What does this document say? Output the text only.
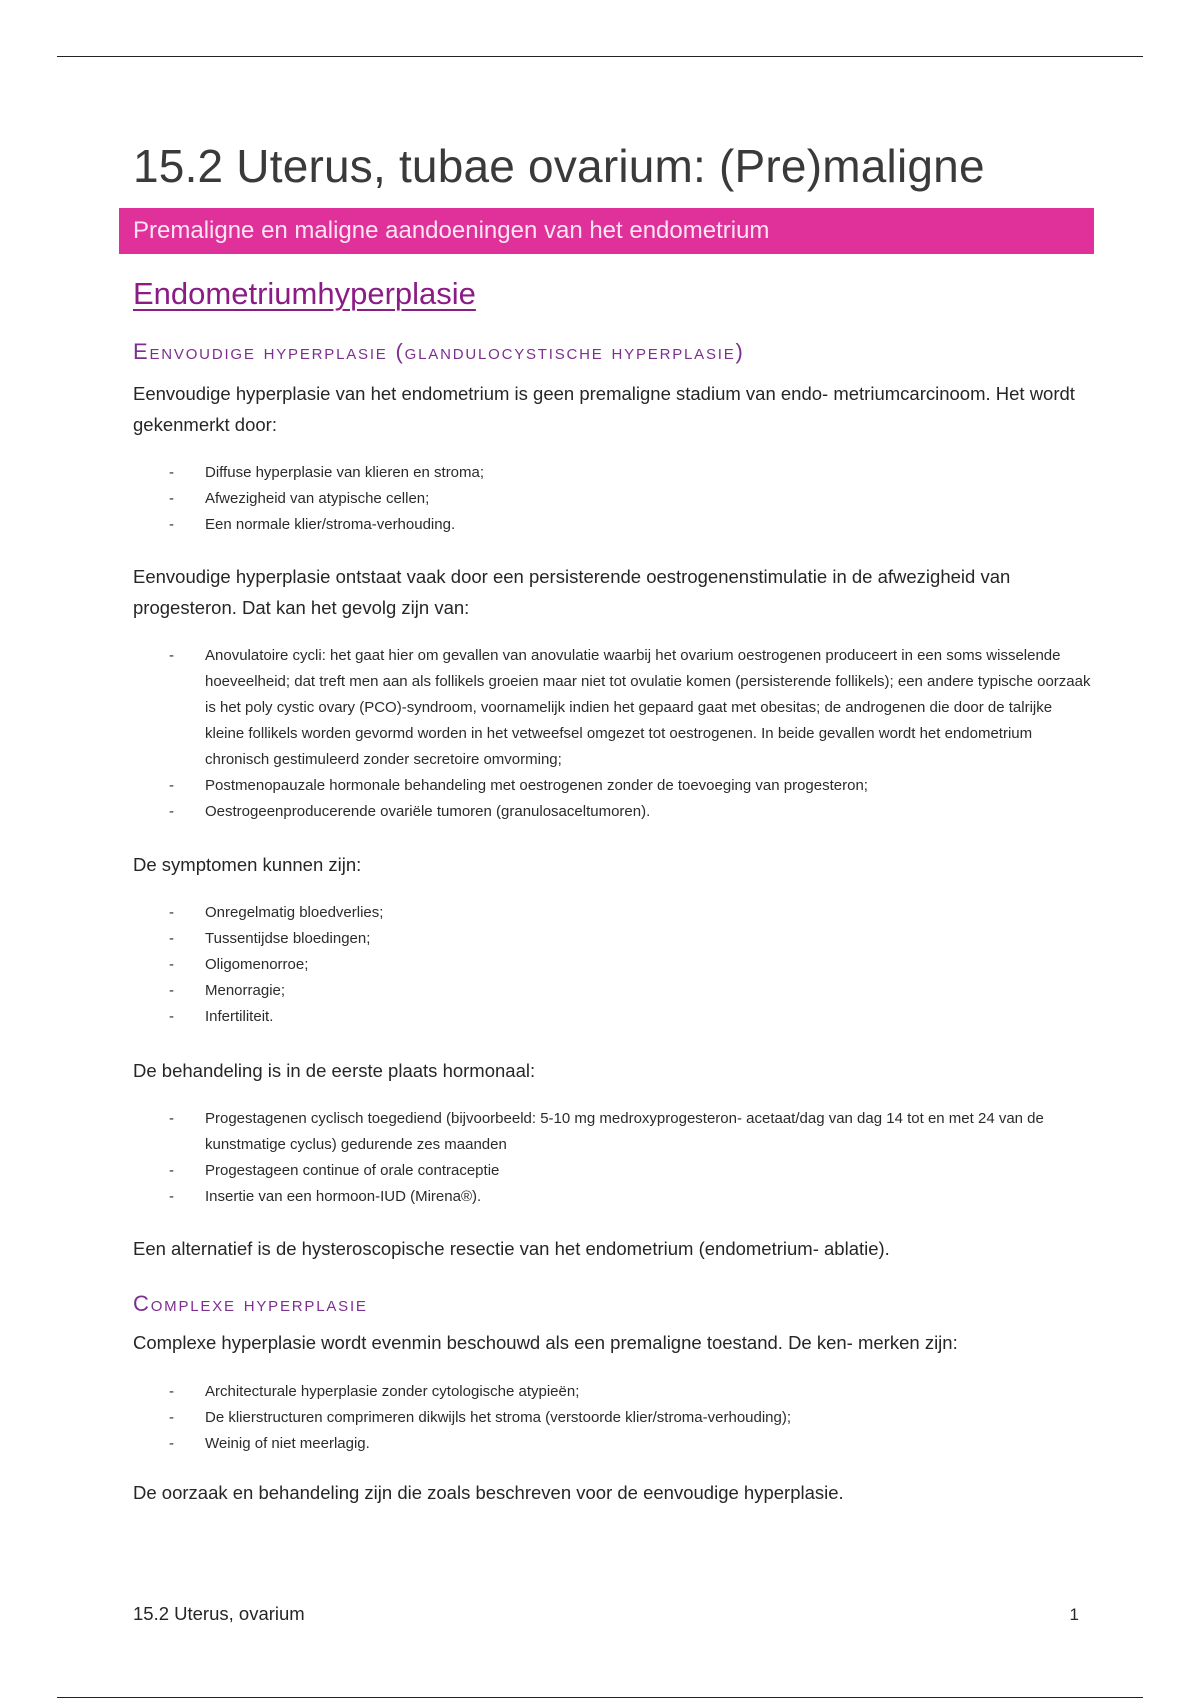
15.2 Uterus, tubae ovarium: (Pre)maligne
Premaligne en maligne aandoeningen van het endometrium
Endometriumhyperplasie
Eenvoudige hyperplasie (glandulocystische hyperplasie)

Eenvoudige hyperplasie van het endometrium is geen premaligne stadium van endo- metriumcarcinoom. Het wordt gekenmerkt door:

- Diffuse hyperplasie van klieren en stroma;
- Afwezigheid van atypische cellen;
- Een normale klier/stroma-verhouding.

Eenvoudige hyperplasie ontstaat vaak door een persisterende oestrogenenstimulatie in de afwezigheid van progesteron. Dat kan het gevolg zijn van:

- Anovulatoire cycli: het gaat hier om gevallen van anovulatie waarbij het ovarium oestrogenen produceert in een soms wisselende hoeveelheid; dat treft men aan als follikels groeien maar niet tot ovulatie komen (persisterende follikels); een andere typische oorzaak is het poly cystic ovary (PCO)-syndroom, voornamelijk indien het gepaard gaat met obesitas; de androgenen die door de talrijke kleine follikels worden gevormd worden in het vetweefsel omgezet tot oestrogenen. In beide gevallen wordt het endometrium chronisch gestimuleerd zonder secretoire omvorming;
- Postmenopauzale hormonale behandeling met oestrogenen zonder de toevoeging van progesteron;
- Oestrogeenproducerende ovariële tumoren (granulosaceltumoren).

De symptomen kunnen zijn:

- Onregelmatig bloedverlies;
- Tussentijdse bloedingen;
- Oligomenorroe;
- Menorragie;
- Infertiliteit.

De behandeling is in de eerste plaats hormonaal:

- Progestagenen cyclisch toegediend (bijvoorbeeld: 5-10 mg medroxyprogesteron- acetaat/dag van dag 14 tot en met 24 van de kunstmatige cyclus) gedurende zes maanden
- Progestageen continue of orale contraceptie
- Insertie van een hormoon-IUD (Mirena®).

Een alternatief is de hysteroscopische resectie van het endometrium (endometrium- ablatie).

Complexe hyperplasie

Complexe hyperplasie wordt evenmin beschouwd als een premaligne toestand. De ken- merken zijn:

- Architecturale hyperplasie zonder cytologische atypieën;
- De klierstructuren comprimeren dikwijls het stroma (verstoorde klier/stroma-verhouding);
- Weinig of niet meerlagig.

De oorzaak en behandeling zijn die zoals beschreven voor de eenvoudige hyperplasie.

15.2 Uterus, ovarium	1
